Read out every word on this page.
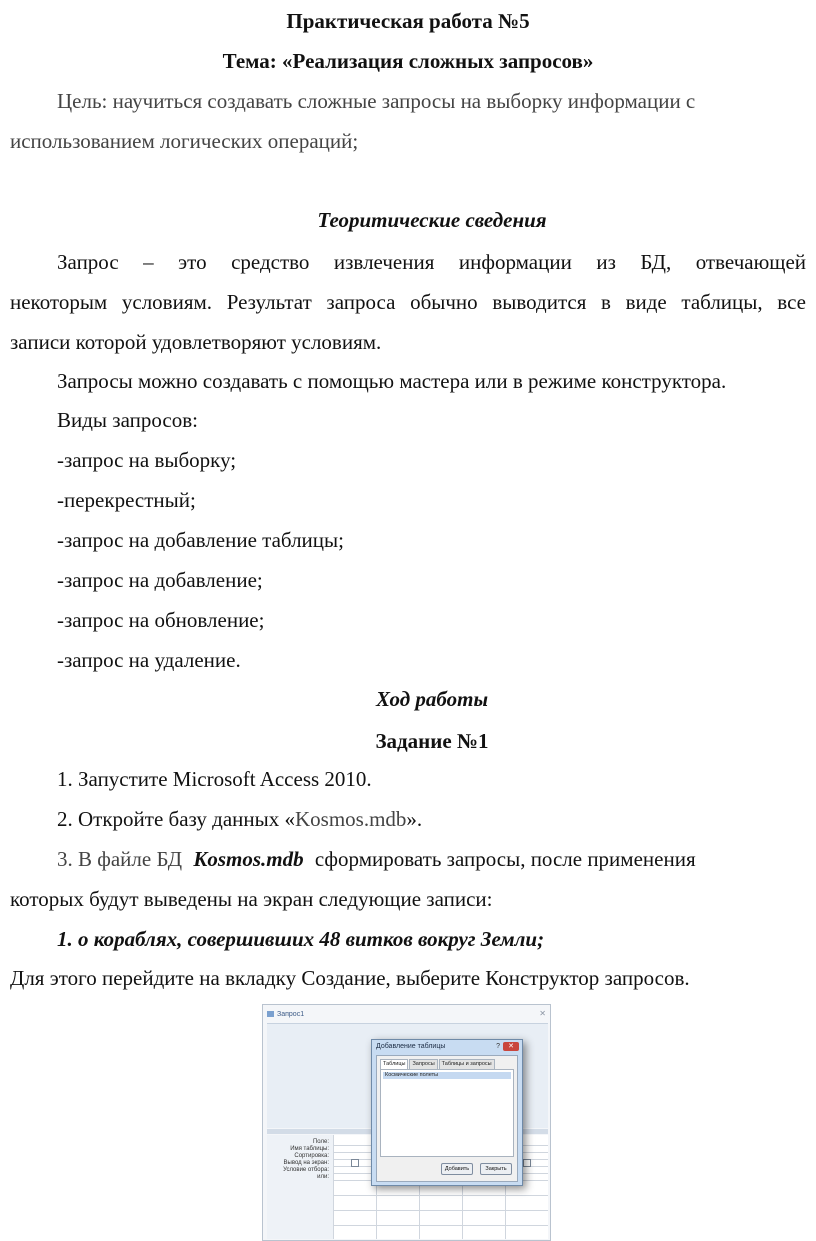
Практическая работа №5
Тема: «Реализация сложных запросов»
Цель: научиться создавать сложные запросы на выборку информации с
использованием логических операций;
Теоритические сведения
Запрос – это средство извлечения информации из БД, отвечающей
некоторым условиям. Результат запроса обычно выводится в виде таблицы, все
записи которой удовлетворяют условиям.
Запросы можно создавать с помощью мастера или в режиме конструктора.
Виды запросов:
-запрос на выборку;
-перекрестный;
-запрос на добавление таблицы;
-запрос на добавление;
-запрос на обновление;
-запрос на удаление.
Ход работы
Задание №1
1. Запустите Microsoft Access 2010.
2. Откройте базу данных «Kosmos.mdb».
3. В файле БД Kosmos.mdb сформировать запросы, после применения
которых будут выведены на экран следующие записи:
1. о кораблях, совершивших 48 витков вокруг Земли;
Для этого перейдите на вкладку Создание, выберите Конструктор запросов.
Запрос1	✕
Поле:
Имя таблицы:
Сортировка:
Вывод на экран:
Условие отбора:
или:
Добавление таблицы	?	✕
Таблицы	Запросы	Таблицы и запросы
Космические полеты
Добавить	Закрыть
